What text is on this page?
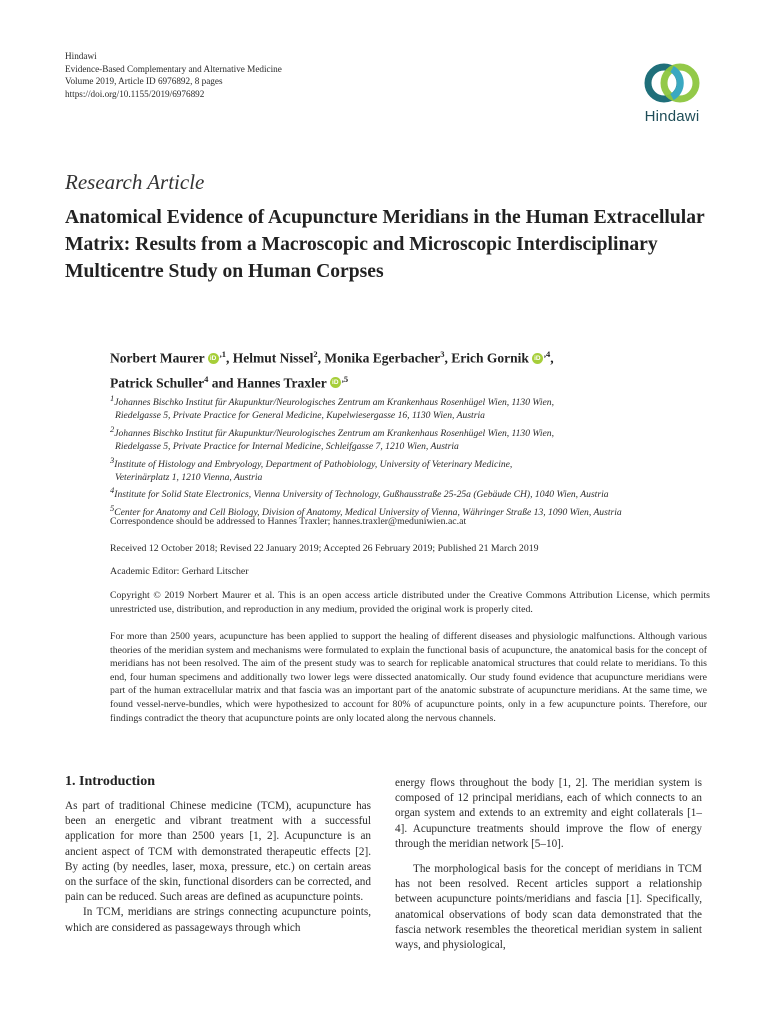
Hindawi
Evidence-Based Complementary and Alternative Medicine
Volume 2019, Article ID 6976892, 8 pages
https://doi.org/10.1155/2019/6976892
Hindawi
Research Article
Anatomical Evidence of Acupuncture Meridians in the Human Extracellular Matrix: Results from a Macroscopic and Microscopic Interdisciplinary Multicentre Study on Human Corpses
Norbert Maurer iD $^{,1}$, Helmut Nissel$^2$, Monika Egerbacher$^3$, Erich Gornik iD $^{,4}$,
Patrick Schuller$^4$ and Hannes Traxler iD $^{,5}$
$^1$Johannes Bischko Institut für Akupunktur/Neurologisches Zentrum am Krankenhaus Rosenhügel Wien, 1130 Wien,
Riedelgasse 5, Private Practice for General Medicine, Kupelwiesergasse 16, 1130 Wien, Austria
$^2$Johannes Bischko Institut für Akupunktur/Neurologisches Zentrum am Krankenhaus Rosenhügel Wien, 1130 Wien,
Riedelgasse 5, Private Practice for Internal Medicine, Schleifgasse 7, 1210 Wien, Austria
$^3$Institute of Histology and Embryology, Department of Pathobiology, University of Veterinary Medicine,
Veterinärplatz 1, 1210 Vienna, Austria
$^4$Institute for Solid State Electronics, Vienna University of Technology, Gußhausstraße 25-25a (Gebäude CH), 1040 Wien, Austria
$^5$Center for Anatomy and Cell Biology, Division of Anatomy, Medical University of Vienna, Währinger Straße 13, 1090 Wien, Austria
Correspondence should be addressed to Hannes Traxler; hannes.traxler@meduniwien.ac.at
Received 12 October 2018; Revised 22 January 2019; Accepted 26 February 2019; Published 21 March 2019
Academic Editor: Gerhard Litscher
Copyright © 2019 Norbert Maurer et al. This is an open access article distributed under the Creative Commons Attribution License, which permits unrestricted use, distribution, and reproduction in any medium, provided the original work is properly cited.
For more than 2500 years, acupuncture has been applied to support the healing of different diseases and physiologic malfunctions. Although various theories of the meridian system and mechanisms were formulated to explain the functional basis of acupuncture, the anatomical basis for the concept of meridians has not been resolved. The aim of the present study was to search for replicable anatomical structures that could relate to meridians. To this end, four human specimens and additionally two lower legs were dissected anatomically. Our study found evidence that acupuncture meridians were part of the human extracellular matrix and that fascia was an important part of the anatomic substrate of acupuncture meridians. At the same time, we found vessel-nerve-bundles, which were hypothesized to account for 80% of acupuncture points, only in a few acupuncture points. Therefore, our findings contradict the theory that acupuncture points are only located along the nervous channels.
1. Introduction

As part of traditional Chinese medicine (TCM), acupuncture has been an energetic and vibrant treatment with a successful application for more than 2500 years [1, 2]. Acupuncture is an ancient aspect of TCM with demonstrated therapeutic effects [2]. By acting (by needles, laser, moxa, pressure, etc.) on certain areas on the surface of the skin, functional disorders can be corrected, and pain can be reduced. Such areas are defined as acupuncture points.

In TCM, meridians are strings connecting acupuncture points, which are considered as passageways through which

energy flows throughout the body [1, 2]. The meridian system is composed of 12 principal meridians, each of which connects to an organ system and extends to an extremity and eight collaterals [1–4]. Acupuncture treatments should improve the flow of energy through the meridian network [5–10].

The morphological basis for the concept of meridians in TCM has not been resolved. Recent articles support a relationship between acupuncture points/meridians and fascia [1]. Specifically, anatomical observations of body scan data demonstrated that the fascia network resembles the theoretical meridian system in salient ways, and physiological,
